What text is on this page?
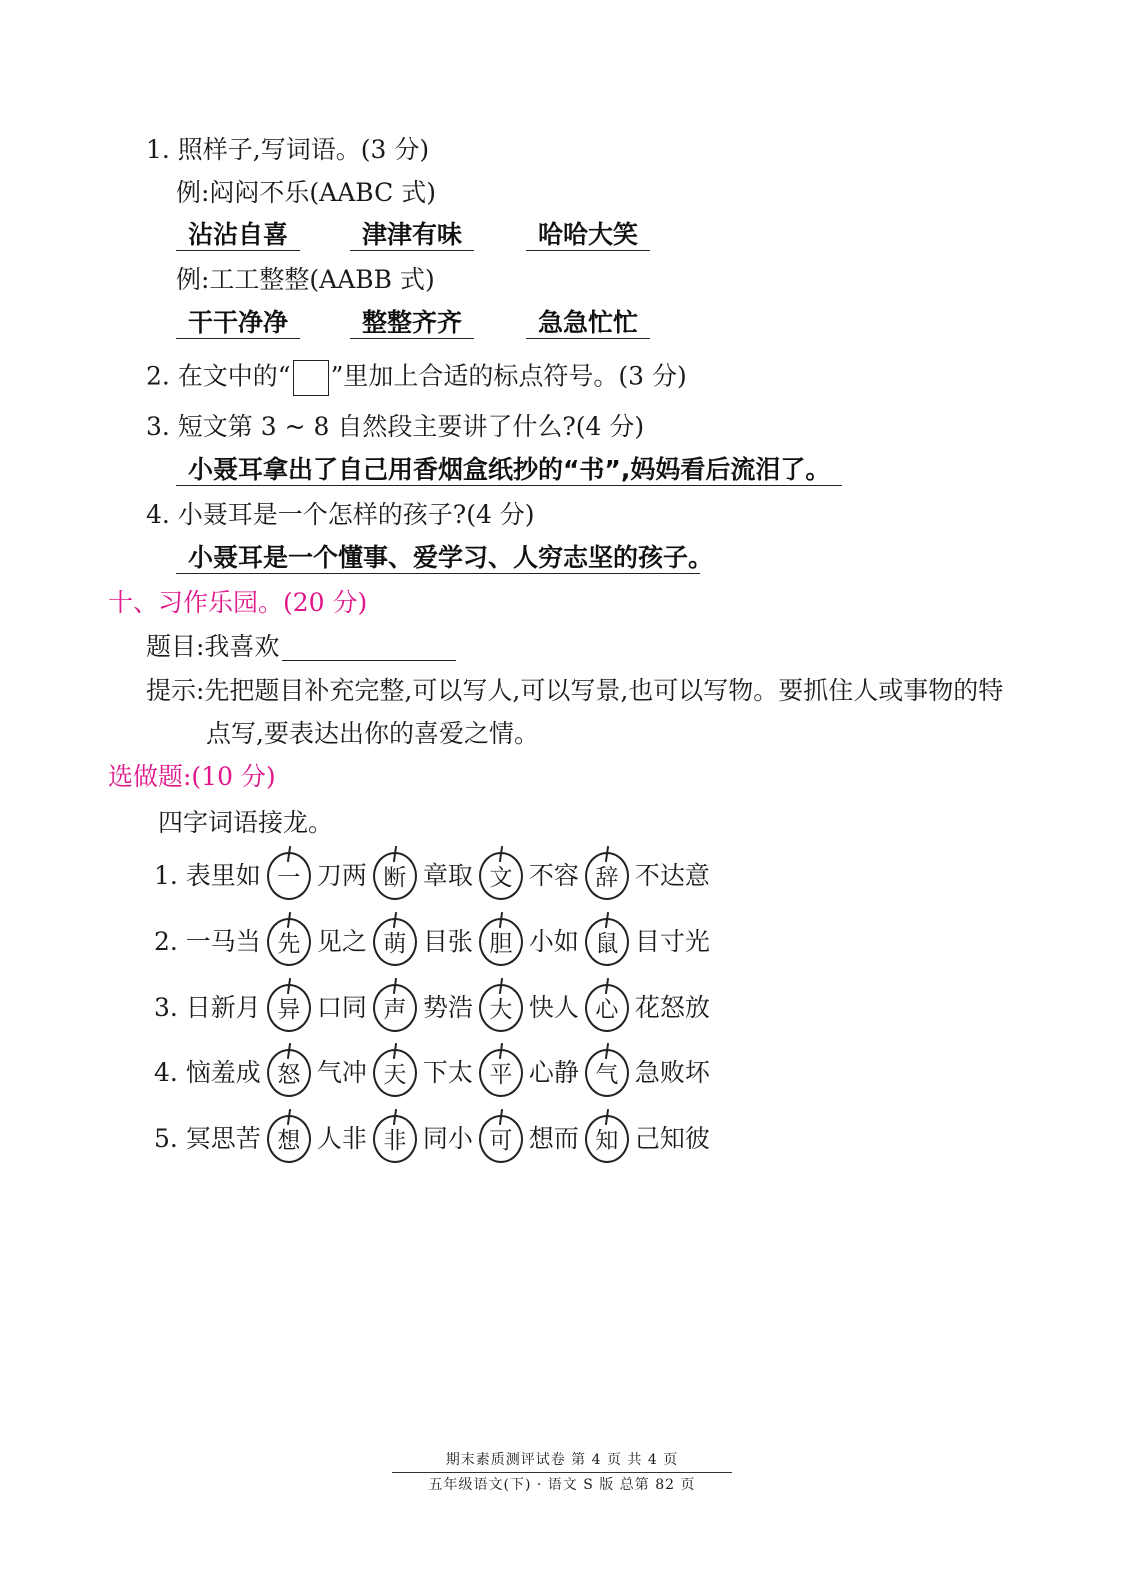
1. 照样子,写词语。(3 分)
例:闷闷不乐(AABC 式)
沾沾自喜	津津有味	哈哈大笑
例:工工整整(AABB 式)
干干净净	整整齐齐	急急忙忙
2. 在文中的“ ”里加上合适的标点符号。(3 分)
3. 短文第 3 ~ 8 自然段主要讲了什么?(4 分)
小聂耳拿出了自己用香烟盒纸抄的“书”,妈妈看后流泪了。
4. 小聂耳是一个怎样的孩子?(4 分)
小聂耳是一个懂事、爱学习、人穷志坚的孩子。
十、习作乐园。(20 分)
题目:我喜欢
提示:先把题目补充完整,可以写人,可以写景,也可以写物。要抓住人或事物的特
点写,要表达出你的喜爱之情。
选做题:(10 分)
四字词语接龙。
1. 表里如 一 刀两 断 章取 文 不容 辞 不达意
2. 一马当 先 见之 萌 目张 胆 小如 鼠 目寸光
3. 日新月 异 口同 声 势浩 大 快人 心 花怒放
4. 恼羞成 怒 气冲 天 下太 平 心静 气 急败坏
5. 冥思苦 想 人非 非 同小 可 想而 知 己知彼
期末素质测评试卷 第 4 页 共 4 页
五年级语文(下) · 语文 S 版 总第 82 页
